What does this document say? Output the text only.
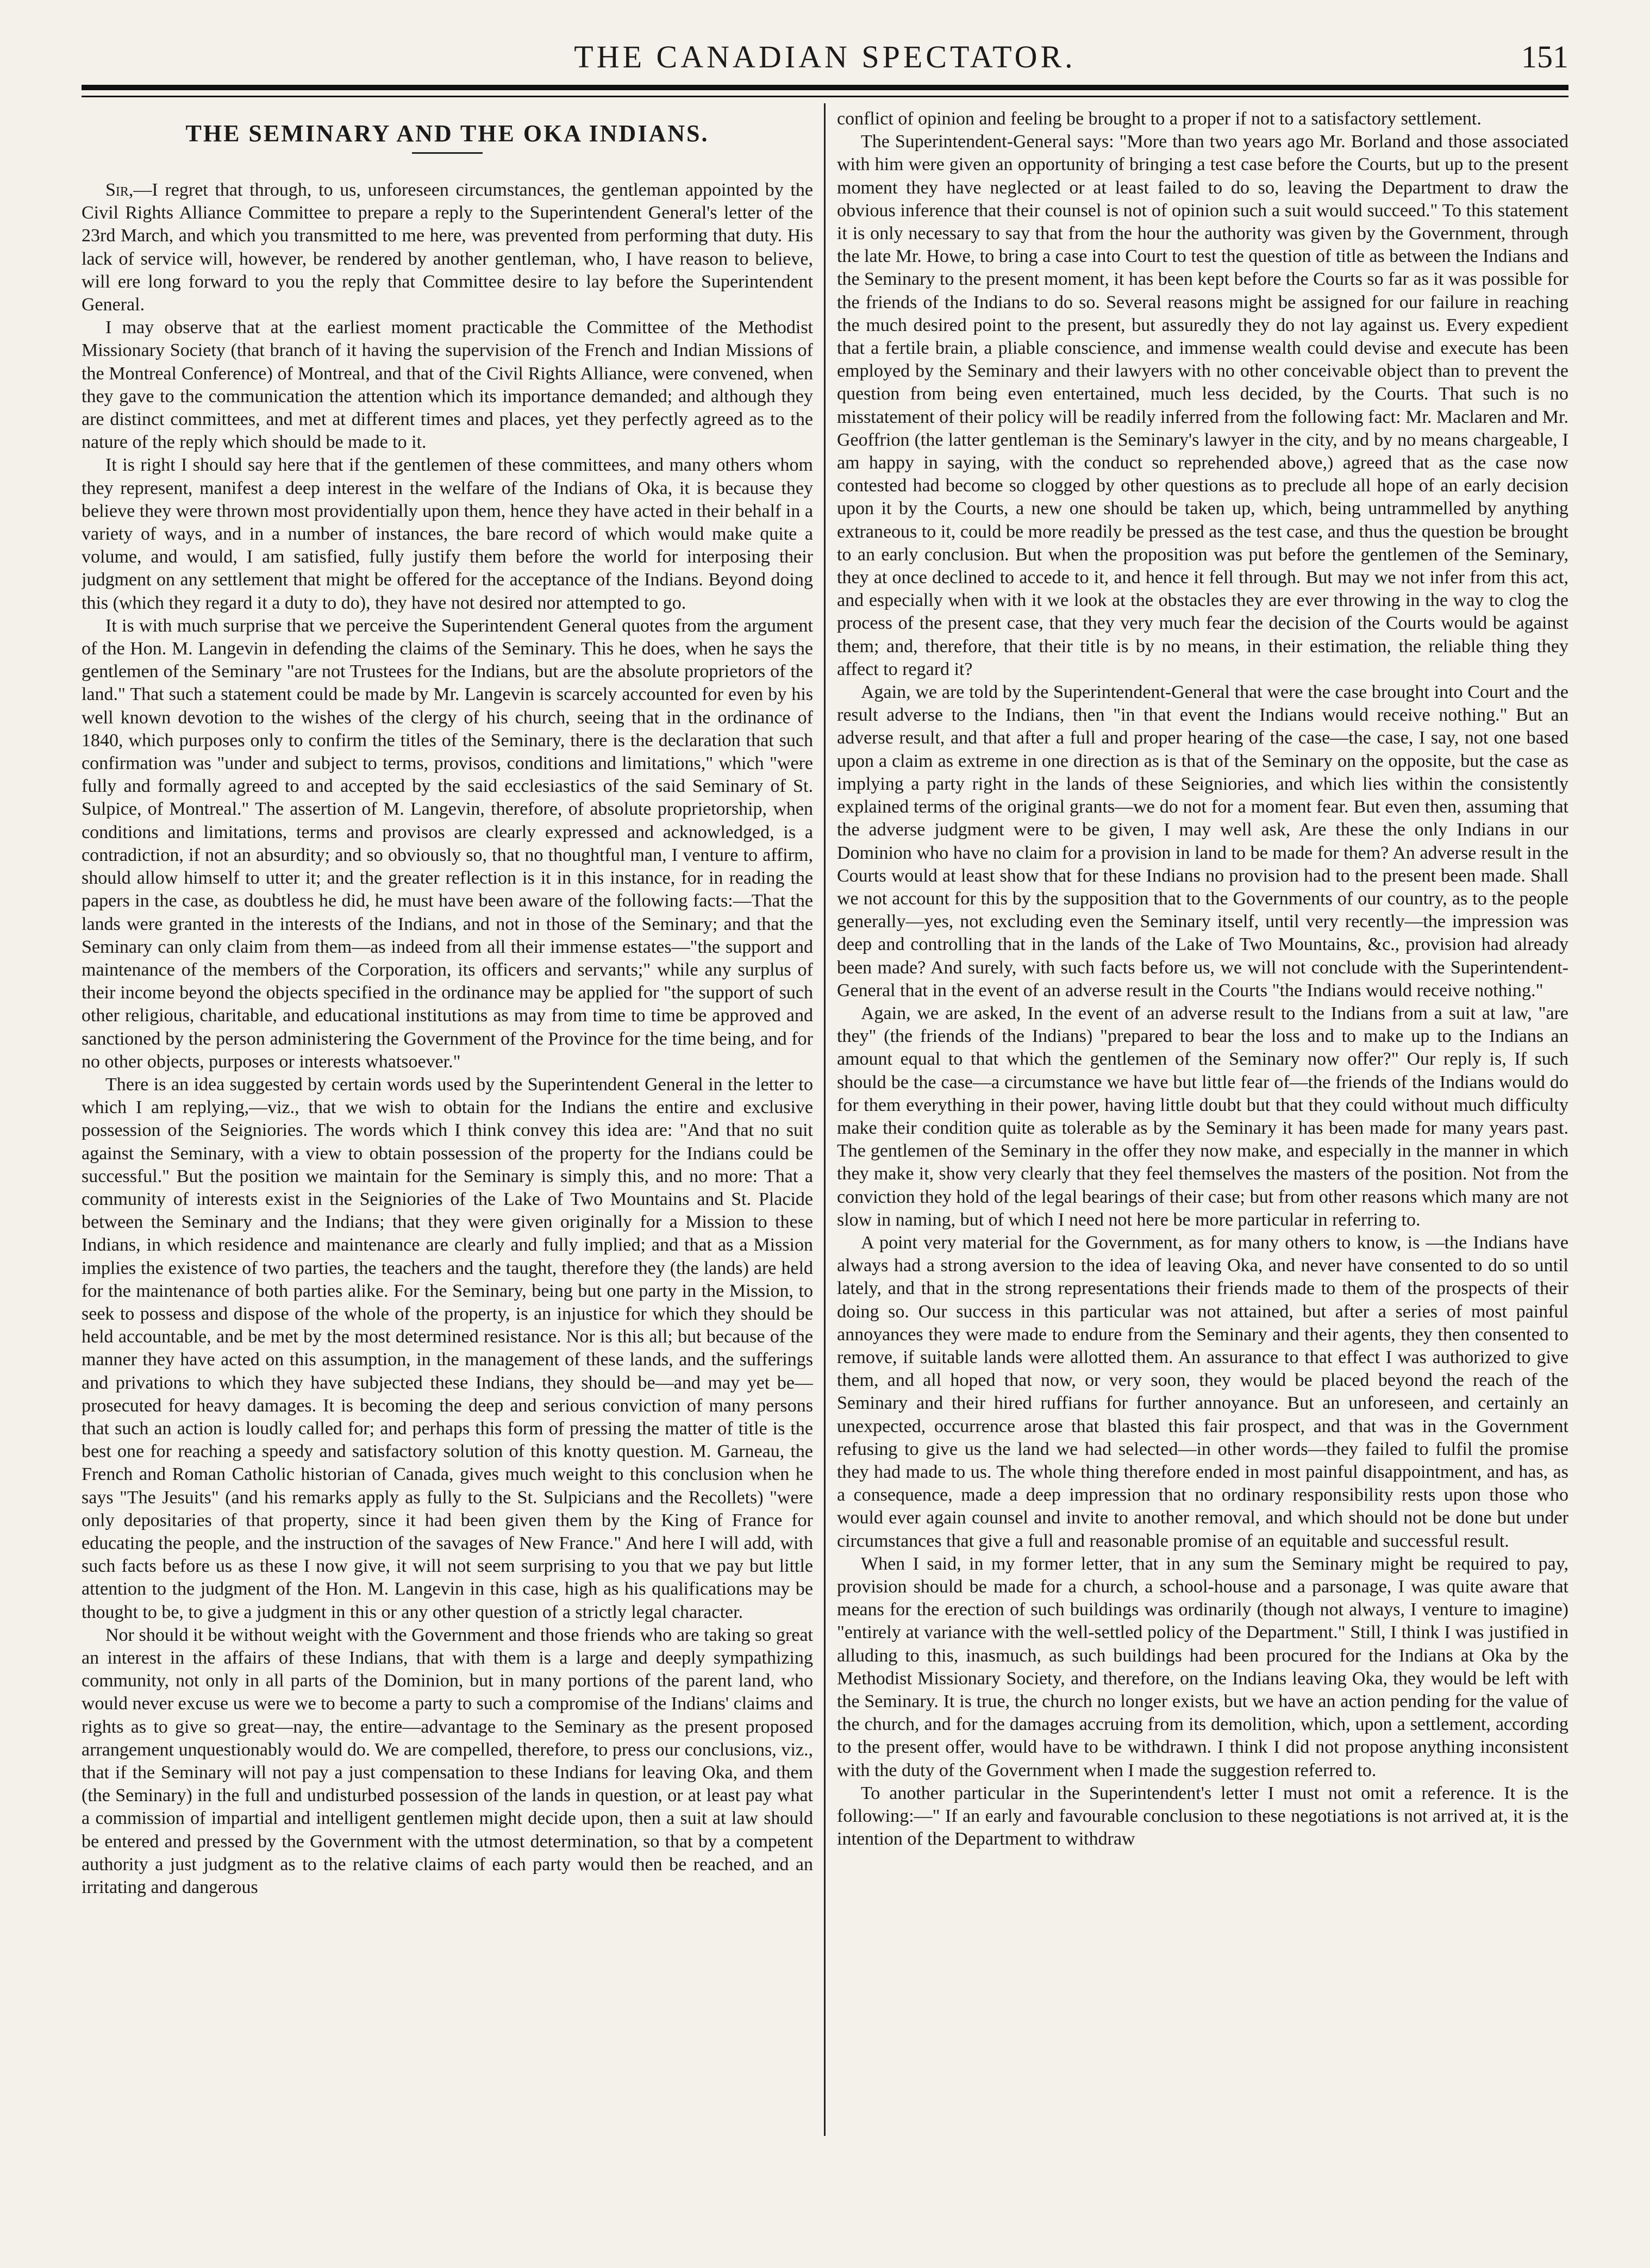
THE CANADIAN SPECTATOR.	151
THE SEMINARY AND THE OKA INDIANS.

Sir,—I regret that through, to us, unforeseen circumstances, the gentleman appointed by the Civil Rights Alliance Committee to prepare a reply to the Superintendent General's letter of the 23rd March, and which you transmitted to me here, was prevented from performing that duty. His lack of service will, however, be rendered by another gentleman, who, I have reason to believe, will ere long forward to you the reply that Committee desire to lay before the Superintendent General.

I may observe that at the earliest moment practicable the Committee of the Methodist Missionary Society (that branch of it having the supervision of the French and Indian Missions of the Montreal Conference) of Montreal, and that of the Civil Rights Alliance, were convened, when they gave to the communication the attention which its importance demanded; and although they are distinct committees, and met at different times and places, yet they perfectly agreed as to the nature of the reply which should be made to it.

It is right I should say here that if the gentlemen of these committees, and many others whom they represent, manifest a deep interest in the welfare of the Indians of Oka, it is because they believe they were thrown most providentially upon them, hence they have acted in their behalf in a variety of ways, and in a number of instances, the bare record of which would make quite a volume, and would, I am satisfied, fully justify them before the world for interposing their judgment on any settlement that might be offered for the acceptance of the Indians. Beyond doing this (which they regard it a duty to do), they have not desired nor attempted to go.

It is with much surprise that we perceive the Superintendent General quotes from the argument of the Hon. M. Langevin in defending the claims of the Seminary. This he does, when he says the gentlemen of the Seminary "are not Trustees for the Indians, but are the absolute proprietors of the land." That such a statement could be made by Mr. Langevin is scarcely accounted for even by his well known devotion to the wishes of the clergy of his church, seeing that in the ordinance of 1840, which purposes only to confirm the titles of the Seminary, there is the declaration that such confirmation was "under and subject to terms, provisos, conditions and limitations," which "were fully and formally agreed to and accepted by the said ecclesiastics of the said Seminary of St. Sulpice, of Montreal." The assertion of M. Langevin, therefore, of absolute proprietorship, when conditions and limitations, terms and provisos are clearly expressed and acknowledged, is a contradiction, if not an absurdity; and so obviously so, that no thoughtful man, I venture to affirm, should allow himself to utter it; and the greater reflection is it in this instance, for in reading the papers in the case, as doubtless he did, he must have been aware of the following facts:—That the lands were granted in the interests of the Indians, and not in those of the Seminary; and that the Seminary can only claim from them—as indeed from all their immense estates—"the support and maintenance of the members of the Corporation, its officers and servants;" while any surplus of their income beyond the objects specified in the ordinance may be applied for "the support of such other religious, charitable, and educational institutions as may from time to time be approved and sanctioned by the person administering the Government of the Province for the time being, and for no other objects, purposes or interests whatsoever."

There is an idea suggested by certain words used by the Superintendent General in the letter to which I am replying,—viz., that we wish to obtain for the Indians the entire and exclusive possession of the Seigniories. The words which I think convey this idea are: "And that no suit against the Seminary, with a view to obtain possession of the property for the Indians could be successful." But the position we maintain for the Seminary is simply this, and no more: That a community of interests exist in the Seigniories of the Lake of Two Mountains and St. Placide between the Seminary and the Indians; that they were given originally for a Mission to these Indians, in which residence and maintenance are clearly and fully implied; and that as a Mission implies the existence of two parties, the teachers and the taught, therefore they (the lands) are held for the maintenance of both parties alike. For the Seminary, being but one party in the Mission, to seek to possess and dispose of the whole of the property, is an injustice for which they should be held accountable, and be met by the most determined resistance. Nor is this all; but because of the manner they have acted on this assumption, in the management of these lands, and the sufferings and privations to which they have subjected these Indians, they should be—and may yet be—prosecuted for heavy damages. It is becoming the deep and serious conviction of many persons that such an action is loudly called for; and perhaps this form of pressing the matter of title is the best one for reaching a speedy and satisfactory solution of this knotty question. M. Garneau, the French and Roman Catholic historian of Canada, gives much weight to this conclusion when he says "The Jesuits" (and his remarks apply as fully to the St. Sulpicians and the Recollets) "were only depositaries of that property, since it had been given them by the King of France for educating the people, and the instruction of the savages of New France." And here I will add, with such facts before us as these I now give, it will not seem surprising to you that we pay but little attention to the judgment of the Hon. M. Langevin in this case, high as his qualifications may be thought to be, to give a judgment in this or any other question of a strictly legal character.

Nor should it be without weight with the Government and those friends who are taking so great an interest in the affairs of these Indians, that with them is a large and deeply sympathizing community, not only in all parts of the Dominion, but in many portions of the parent land, who would never excuse us were we to become a party to such a compromise of the Indians' claims and rights as to give so great—nay, the entire—advantage to the Seminary as the present proposed arrangement unquestionably would do. We are compelled, therefore, to press our conclusions, viz., that if the Seminary will not pay a just compensation to these Indians for leaving Oka, and them (the Seminary) in the full and undisturbed possession of the lands in question, or at least pay what a commission of impartial and intelligent gentlemen might decide upon, then a suit at law should be entered and pressed by the Government with the utmost determination, so that by a competent authority a just judgment as to the relative claims of each party would then be reached, and an irritating and dangerous

conflict of opinion and feeling be brought to a proper if not to a satisfactory settlement.

The Superintendent-General says: "More than two years ago Mr. Borland and those associated with him were given an opportunity of bringing a test case before the Courts, but up to the present moment they have neglected or at least failed to do so, leaving the Department to draw the obvious inference that their counsel is not of opinion such a suit would succeed." To this statement it is only necessary to say that from the hour the authority was given by the Government, through the late Mr. Howe, to bring a case into Court to test the question of title as between the Indians and the Seminary to the present moment, it has been kept before the Courts so far as it was possible for the friends of the Indians to do so. Several reasons might be assigned for our failure in reaching the much desired point to the present, but assuredly they do not lay against us. Every expedient that a fertile brain, a pliable conscience, and immense wealth could devise and execute has been employed by the Seminary and their lawyers with no other conceivable object than to prevent the question from being even entertained, much less decided, by the Courts. That such is no misstatement of their policy will be readily inferred from the following fact: Mr. Maclaren and Mr. Geoffrion (the latter gentleman is the Seminary's lawyer in the city, and by no means chargeable, I am happy in saying, with the conduct so reprehended above,) agreed that as the case now contested had become so clogged by other questions as to preclude all hope of an early decision upon it by the Courts, a new one should be taken up, which, being untrammelled by anything extraneous to it, could be more readily be pressed as the test case, and thus the question be brought to an early conclusion. But when the proposition was put before the gentlemen of the Seminary, they at once declined to accede to it, and hence it fell through. But may we not infer from this act, and especially when with it we look at the obstacles they are ever throwing in the way to clog the process of the present case, that they very much fear the decision of the Courts would be against them; and, therefore, that their title is by no means, in their estimation, the reliable thing they affect to regard it?

Again, we are told by the Superintendent-General that were the case brought into Court and the result adverse to the Indians, then "in that event the Indians would receive nothing." But an adverse result, and that after a full and proper hearing of the case—the case, I say, not one based upon a claim as extreme in one direction as is that of the Seminary on the opposite, but the case as implying a party right in the lands of these Seigniories, and which lies within the consistently explained terms of the original grants—we do not for a moment fear. But even then, assuming that the adverse judgment were to be given, I may well ask, Are these the only Indians in our Dominion who have no claim for a provision in land to be made for them? An adverse result in the Courts would at least show that for these Indians no provision had to the present been made. Shall we not account for this by the supposition that to the Governments of our country, as to the people generally—yes, not excluding even the Seminary itself, until very recently—the impression was deep and controlling that in the lands of the Lake of Two Mountains, &c., provision had already been made? And surely, with such facts before us, we will not conclude with the Superintendent-General that in the event of an adverse result in the Courts "the Indians would receive nothing."

Again, we are asked, In the event of an adverse result to the Indians from a suit at law, "are they" (the friends of the Indians) "prepared to bear the loss and to make up to the Indians an amount equal to that which the gentlemen of the Seminary now offer?" Our reply is, If such should be the case—a circumstance we have but little fear of—the friends of the Indians would do for them everything in their power, having little doubt but that they could without much difficulty make their condition quite as tolerable as by the Seminary it has been made for many years past. The gentlemen of the Seminary in the offer they now make, and especially in the manner in which they make it, show very clearly that they feel themselves the masters of the position. Not from the conviction they hold of the legal bearings of their case; but from other reasons which many are not slow in naming, but of which I need not here be more particular in referring to.

A point very material for the Government, as for many others to know, is —the Indians have always had a strong aversion to the idea of leaving Oka, and never have consented to do so until lately, and that in the strong representations their friends made to them of the prospects of their doing so. Our success in this particular was not attained, but after a series of most painful annoyances they were made to endure from the Seminary and their agents, they then consented to remove, if suitable lands were allotted them. An assurance to that effect I was authorized to give them, and all hoped that now, or very soon, they would be placed beyond the reach of the Seminary and their hired ruffians for further annoyance. But an unforeseen, and certainly an unexpected, occurrence arose that blasted this fair prospect, and that was in the Government refusing to give us the land we had selected—in other words—they failed to fulfil the promise they had made to us. The whole thing therefore ended in most painful disappointment, and has, as a consequence, made a deep impression that no ordinary responsibility rests upon those who would ever again counsel and invite to another removal, and which should not be done but under circumstances that give a full and reasonable promise of an equitable and successful result.

When I said, in my former letter, that in any sum the Seminary might be required to pay, provision should be made for a church, a school-house and a parsonage, I was quite aware that means for the erection of such buildings was ordinarily (though not always, I venture to imagine) "entirely at variance with the well-settled policy of the Department." Still, I think I was justified in alluding to this, inasmuch, as such buildings had been procured for the Indians at Oka by the Methodist Missionary Society, and therefore, on the Indians leaving Oka, they would be left with the Seminary. It is true, the church no longer exists, but we have an action pending for the value of the church, and for the damages accruing from its demolition, which, upon a settlement, according to the present offer, would have to be withdrawn. I think I did not propose anything inconsistent with the duty of the Government when I made the suggestion referred to.

To another particular in the Superintendent's letter I must not omit a reference. It is the following:—" If an early and favourable conclusion to these negotiations is not arrived at, it is the intention of the Department to withdraw
